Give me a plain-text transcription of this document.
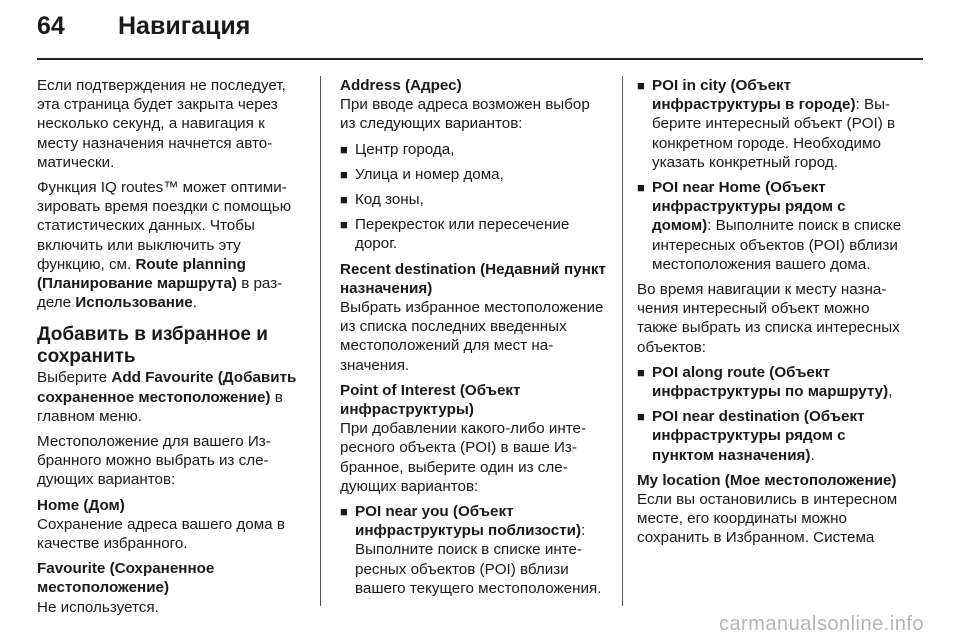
64 Навигация

Если подтверждения не последует, эта страница будет закрыта через несколько секунд, а навигация к месту назначения начнется автоматически.

Функция IQ routes™ может оптимизировать время поездки с помощью статистических данных. Чтобы включить или выключить эту функцию, см. Route planning (Планирование маршрута) в разделе Использование.

Добавить в избранное и сохранить

Выберите Add Favourite (Добавить сохраненное местоположение) в главном меню.

Местоположение для вашего Избранного можно выбрать из следующих вариантов:

Home (Дом)

Сохранение адреса вашего дома в качестве избранного.

Favourite (Сохраненное местоположение)

Не используется.

Address (Адрес)

При вводе адреса возможен выбор из следующих вариантов:

■ Центр города,
■ Улица и номер дома,
■ Код зоны,
■ Перекресток или пересечение дорог.
Recent destination (Недавний пункт назначения)

Выбрать избранное местоположение из списка последних введенных местоположений для мест назначения.

Point of Interest (Объект инфраструктуры)

При добавлении какого-либо интересного объекта (POI) в ваше Избранное, выберите один из следующих вариантов:

■ POI near you (Объект инфраструктуры поблизости): Выполните поиск в списке интересных объектов (POI) вблизи вашего текущего местоположения.
■ POI in city (Объект инфраструктуры в городе): Выберите интересный объект (POI) в конкретном городе. Необходимо указать конкретный город.
■ POI near Home (Объект инфраструктуры рядом с домом): Выполните поиск в списке интересных объектов (POI) вблизи местоположения вашего дома.

Во время навигации к месту назначения интересный объект можно также выбрать из списка интересных объектов:

■ POI along route (Объект инфраструктуры по маршруту),
■ POI near destination (Объект инфраструктуры рядом с пунктом назначения).
My location (Мое местоположение)

Если вы остановились в интересном месте, его координаты можно сохранить в Избранном. Система

carmanualsonline.info
